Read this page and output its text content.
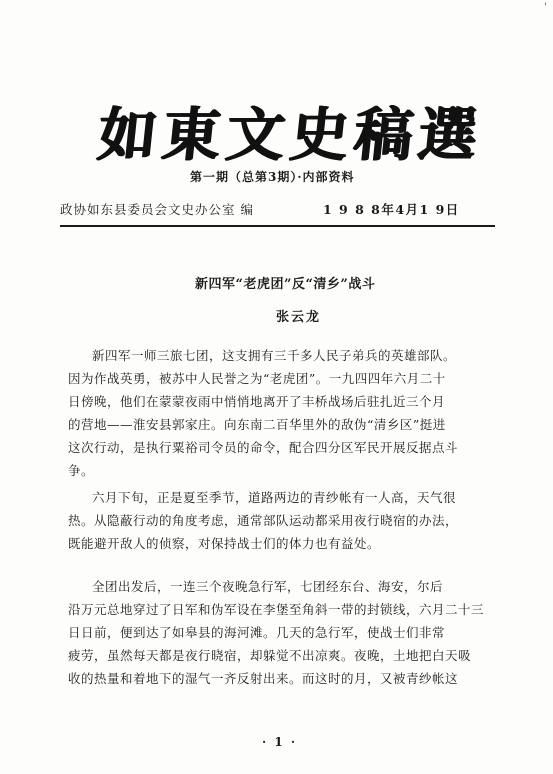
'
如東文史稿選
第一期（总第3期）·内部资料
政协如东县委员会文史办公室 编	1 9 8 8年4月1 9日
新四军“老虎团”反“清乡”战斗
张云龙
新四军一师三旅七团，这支拥有三千多人民子弟兵的英雄部队。
因为作战英勇，被苏中人民誉之为“老虎团”。一九四四年六月二十
日傍晚，他们在蒙蒙夜雨中悄悄地离开了丰桥战场后驻扎近三个月
的营地——淮安县郭家庄。向东南二百华里外的敌伪“清乡区”挺进
这次行动，是执行粟裕司令员的命令，配合四分区军民开展反据点斗
争。
六月下旬，正是夏至季节，道路两边的青纱帐有一人高，天气很
热。从隐蔽行动的角度考虑，通常部队运动都采用夜行晓宿的办法，
既能避开敌人的侦察，对保持战士们的体力也有益处。
全团出发后，一连三个夜晚急行军，七团经东台、海安，尔后
沿万元总地穿过了日军和伪军设在李堡至角斜一带的封锁线，六月二十三
日日前，便到达了如皋县的海河滩。几天的急行军，使战士们非常
疲劳，虽然每天都是夜行晓宿，却躲觉不出凉爽。夜晚，土地把白天吸
收的热量和着地下的湿气一齐反射出来。而这时的月，又被青纱帐这
· 1 ·
